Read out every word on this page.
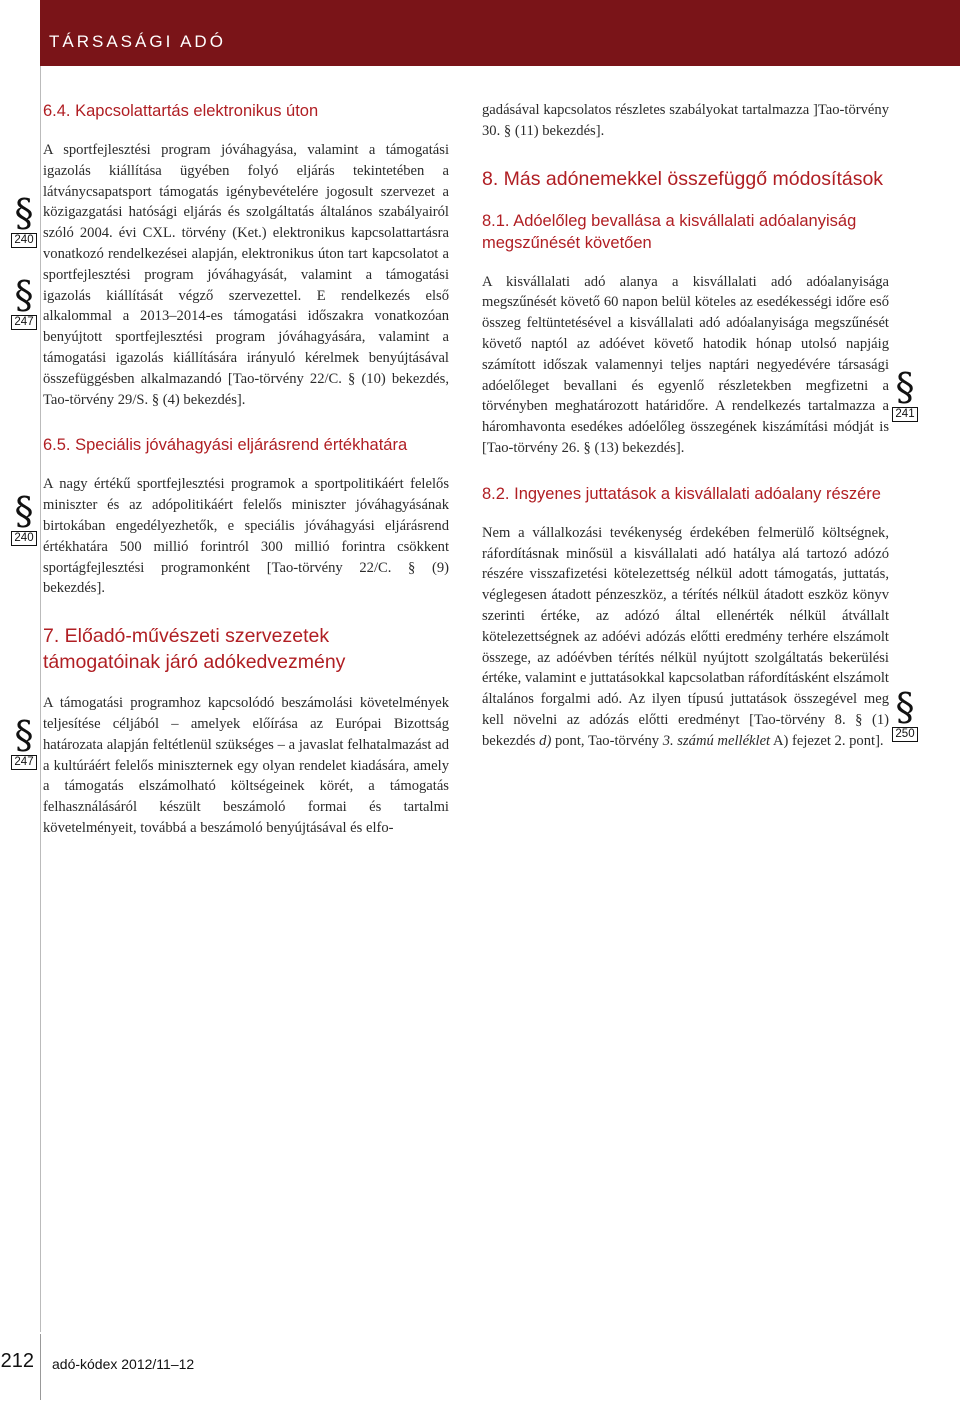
TÁRSASÁGI ADÓ
6.4. Kapcsolattartás elektronikus úton

A sportfejlesztési program jóváhagyása, valamint a támogatási igazolás kiállítása ügyében folyó eljárás tekintetében a látványcsapatsport támogatás igénybevételére jogosult szervezet a közigazgatási hatósági eljárás és szolgáltatás általános szabályairól szóló 2004. évi CXL. törvény (Ket.) elektronikus kapcsolattartásra vonatkozó rendelkezései alapján, elektronikus úton tart kapcsolatot a sportfejlesztési program jóváhagyását, valamint a támogatási igazolás kiállítását végző szervezettel. E rendelkezés első alkalommal a 2013–2014-es támogatási időszakra vonatkozóan benyújtott sportfejlesztési program jóváhagyására, valamint a támogatási igazolás kiállítására irányuló kérelmek benyújtásával összefüggésben alkalmazandó [Tao-törvény 22/C. § (10) bekezdés, Tao-törvény 29/S. § (4) bekezdés].

6.5. Speciális jóváhagyási eljárásrend értékhatára

A nagy értékű sportfejlesztési programok a sportpolitikáért felelős miniszter és az adópolitikáért felelős miniszter jóváhagyásának birtokában engedélyezhetők, e speciális jóváhagyási eljárásrend értékhatára 500 millió forintról 300 millió forintra csökkent sportágfejlesztési programonként [Tao-törvény 22/C. § (9) bekezdés].

7. Előadó-művészeti szervezetek támogatóinak járó adókedvezmény

A támogatási programhoz kapcsolódó beszámolási követelmények teljesítése céljából – amelyek előírása az Európai Bizottság határozata alapján feltétlenül szükséges – a javaslat felhatalmazást ad a kultúráért felelős miniszternek egy olyan rendelet kiadására, amely a támogatás elszámolható költségeinek körét, a támogatás felhasználásáról készült beszámoló formai és tartalmi követelményeit, továbbá a beszámoló benyújtásával és elfo-

gadásával kapcsolatos részletes szabályokat tartalmazza ]Tao-törvény 30. § (11) bekezdés].

8. Más adónemekkel összefüggő módosítások
8.1. Adóelőleg bevallása a kisvállalati adóalanyiság megszűnését követően

A kisvállalati adó alanya a kisvállalati adó adóalanyisága megszűnését követő 60 napon belül köteles az esedékességi időre eső összeg feltüntetésével a kisvállalati adó adóalanyisága megszűnését követő naptól az adóévet követő hatodik hónap utolsó napjáig számított időszak valamennyi teljes naptári negyedévére társasági adóelőleget bevallani és egyenlő részletekben megfizetni a törvényben meghatározott határidőre. A rendelkezés tartalmazza a háromhavonta esedékes adóelőleg összegének kiszámítási módját is [Tao-törvény 26. § (13) bekezdés].

8.2. Ingyenes juttatások a kisvállalati adóalany részére

Nem a vállalkozási tevékenység érdekében felmerülő költségnek, ráfordításnak minősül a kisvállalati adó hatálya alá tartozó adózó részére visszafizetési kötelezettség nélkül adott támogatás, juttatás, véglegesen átadott pénzeszköz, a térítés nélkül átadott eszköz könyv szerinti értéke, az adózó által ellenérték nélkül átvállalt kötelezettségnek az adóévi adózás előtti eredmény terhére elszámolt összege, az adóévben térítés nélkül nyújtott szolgáltatás bekerülési értéke, valamint e juttatásokkal kapcsolatban ráfordításként elszámolt általános forgalmi adó. Az ilyen típusú juttatások összegével meg kell növelni az adózás előtti eredményt [Tao-törvény 8. § (1) bekezdés d) pont, Tao-törvény 3. számú melléklet A) fejezet 2. pont].

§
240
§
247
§
240
§
247
§
241
§
250
212 adó-kódex 2012/11–12
